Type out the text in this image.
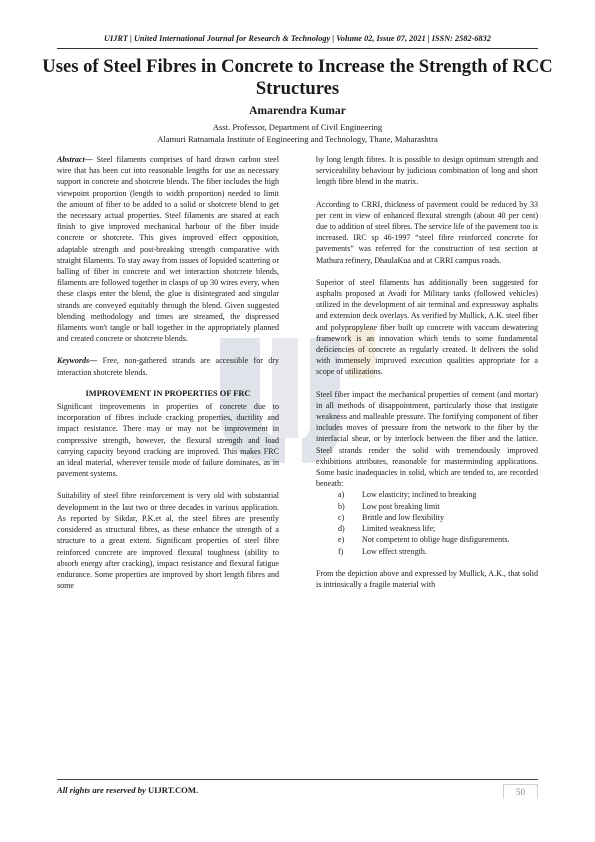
UIJRT | United International Journal for Research & Technology | Volume 02, Issue 07, 2021 | ISSN: 2582-6832
Uses of Steel Fibres in Concrete to Increase the Strength of RCC Structures
Amarendra Kumar
Asst. Professor, Department of Civil Engineering
Alamuri Ratnamala Institute of Engineering and Technology, Thane, Maharashtra

Abstract— Steel filaments comprises of hard drawn carbon steel wire that has been cut into reasonable lengths for use as necessary support in concrete and shotcrete blends. The fiber includes the high viewpoint proportion (length to width proportion) needed to limit the amount of fiber to be added to a solid or shotcrete blend to get the necessary actual properties. Steel filaments are snared at each finish to give improved mechanical harbour of the fiber inside concrete or shotcrete. This gives improved effect opposition, adaptable strength and post-breaking strength comparative with straight filaments. To stay away from issues of lopsided scattering or balling of fiber in concrete and wet interaction shotcrete blends, filaments are followed together in clasps of up 30 wires every, when these clasps enter the blend, the glue is disintegrated and singular strands are conveyed equitably through the blend. Given suggested blending methodology and times are streamed, the dispressed filaments won't tangle or ball together in the appropriately planned and created concrete or shotcrete blends.

Keywords— Free, non-gathered strands are accessible for dry interaction shotcrete blends.

IMPROVEMENT IN PROPERTIES OF FRC

Significant improvements in properties of concrete due to incorporation of fibres include cracking properties, ductility and impact resistance. There may or may not be improvement in compressive strength, however, the flexural strength and load carrying capacity beyond cracking are improved. This makes FRC an ideal material, wherever tensile mode of failure dominates, as in pavement systems.

Suitability of steel fibre reinforcement is very old with substantial development in the last two or three decades in various application. As reported by Sikdar, P.K.et al, the steel fibres are presently considered as structural fibres, as these enhance the strength of a structure to a great extent. Significant properties of steel fibre reinforced concrete are improved flexural toughness (ability to absorb energy after cracking), impact resistance and flexural fatigue endurance. Some properties are improved by short length fibres and some

by long length fibres. It is possible to design optimum strength and serviceability behaviour by judicious combination of long and short length fibre blend in the matrix.

According to CRRI, thickness of pavement could be reduced by 33 per cent in view of enhanced flexural strength (about 40 per cent) due to addition of steel fibres. The service life of the pavement too is increased. IRC sp 46-1997 “steel fibre reinforced concrete for pavements” was referred for the construction of test section at Mathura refinery, DhaulaKua and at CRRI campus roads.

Superior of steel filaments has additionally been suggested for asphalts proposed at Avadi for Military tanks (followed vehicles) utilized in the development of air terminal and expressway asphalts and extension deck overlays. As verified by Mullick, A.K. steel fiber and polypropylene fiber built up concrete with vaccum dewatering framework is an innovation which tends to some fundamental deficiencies of concrete as regularly created. It delivers the solid with immensely improved execution qualities appropriate for a scope of utilizations.

Steel fiber impact the mechanical properties of cement (and mortar) in all methods of disappointment, particularly those that instigate weakness and malleable pressure. The fortifying component of fiber includes moves of pressure from the network to the fiber by the interfacial shear, or by interlock between the fiber and the lattice. Steel strands render the solid with tremendously improved exhibitions attributes, reasonable for masterminding applications. Some basic inadequacies in solid, which are tended to, are recorded beneath:

a)	Low elasticity; inclined to breaking
b)	Low post breaking limit
c)	Brittle and low flexibility
d)	Limited weakness life;
e)	Not competent to oblige huge disfigurements.
f)	Low effect strength.

From the depiction above and expressed by Mullick, A.K., that solid is intrinsically a fragile material with

All rights are reserved by UIJRT.COM.	50
